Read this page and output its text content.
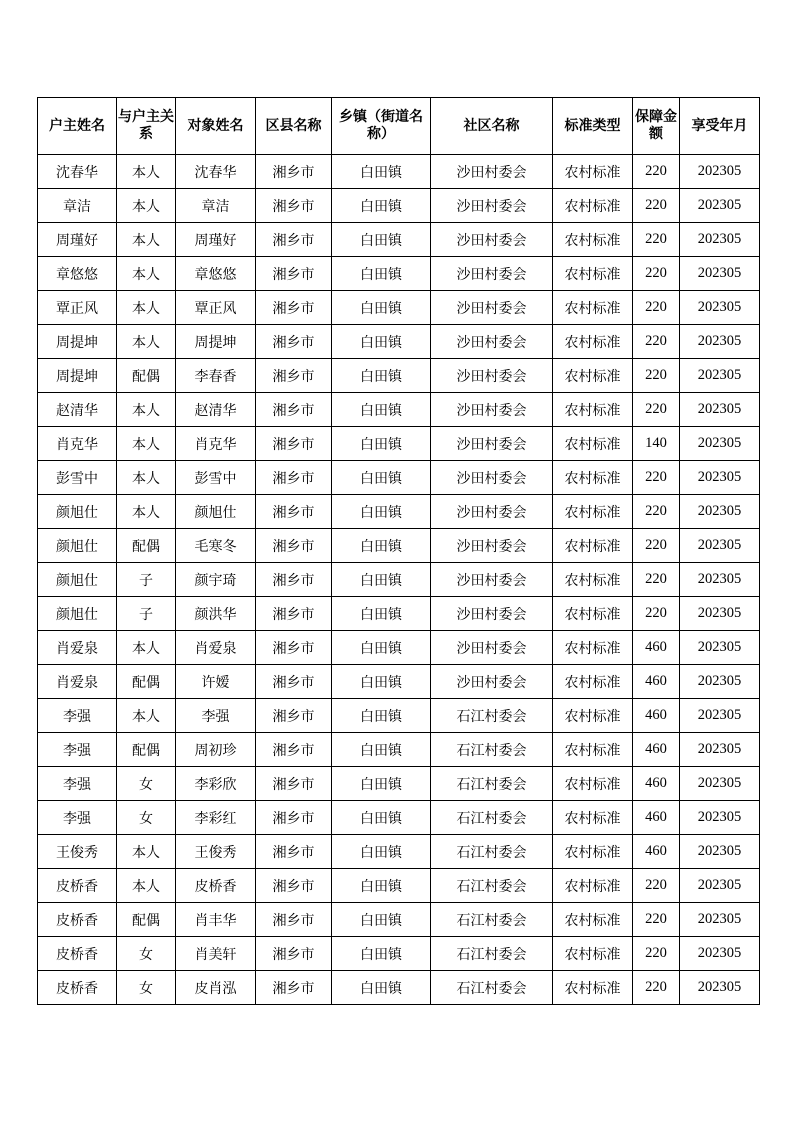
户主姓名	与户主关系	对象姓名	区县名称	乡镇（街道名称）	社区名称	标准类型	保障金额	享受年月
沈春华	本人	沈春华	湘乡市	白田镇	沙田村委会	农村标准	220	202305
章洁	本人	章洁	湘乡市	白田镇	沙田村委会	农村标准	220	202305
周瑾好	本人	周瑾好	湘乡市	白田镇	沙田村委会	农村标准	220	202305
章悠悠	本人	章悠悠	湘乡市	白田镇	沙田村委会	农村标准	220	202305
覃正风	本人	覃正风	湘乡市	白田镇	沙田村委会	农村标准	220	202305
周提坤	本人	周提坤	湘乡市	白田镇	沙田村委会	农村标准	220	202305
周提坤	配偶	李春香	湘乡市	白田镇	沙田村委会	农村标准	220	202305
赵清华	本人	赵清华	湘乡市	白田镇	沙田村委会	农村标准	220	202305
肖克华	本人	肖克华	湘乡市	白田镇	沙田村委会	农村标准	140	202305
彭雪中	本人	彭雪中	湘乡市	白田镇	沙田村委会	农村标准	220	202305
颜旭仕	本人	颜旭仕	湘乡市	白田镇	沙田村委会	农村标准	220	202305
颜旭仕	配偶	毛寒冬	湘乡市	白田镇	沙田村委会	农村标准	220	202305
颜旭仕	子	颜宇琦	湘乡市	白田镇	沙田村委会	农村标准	220	202305
颜旭仕	子	颜洪华	湘乡市	白田镇	沙田村委会	农村标准	220	202305
肖爱泉	本人	肖爱泉	湘乡市	白田镇	沙田村委会	农村标准	460	202305
肖爱泉	配偶	许嫒	湘乡市	白田镇	沙田村委会	农村标准	460	202305
李强	本人	李强	湘乡市	白田镇	石江村委会	农村标准	460	202305
李强	配偶	周初珍	湘乡市	白田镇	石江村委会	农村标准	460	202305
李强	女	李彩欣	湘乡市	白田镇	石江村委会	农村标准	460	202305
李强	女	李彩红	湘乡市	白田镇	石江村委会	农村标准	460	202305
王俊秀	本人	王俊秀	湘乡市	白田镇	石江村委会	农村标准	460	202305
皮桥香	本人	皮桥香	湘乡市	白田镇	石江村委会	农村标准	220	202305
皮桥香	配偶	肖丰华	湘乡市	白田镇	石江村委会	农村标准	220	202305
皮桥香	女	肖美轩	湘乡市	白田镇	石江村委会	农村标准	220	202305
皮桥香	女	皮肖泓	湘乡市	白田镇	石江村委会	农村标准	220	202305
